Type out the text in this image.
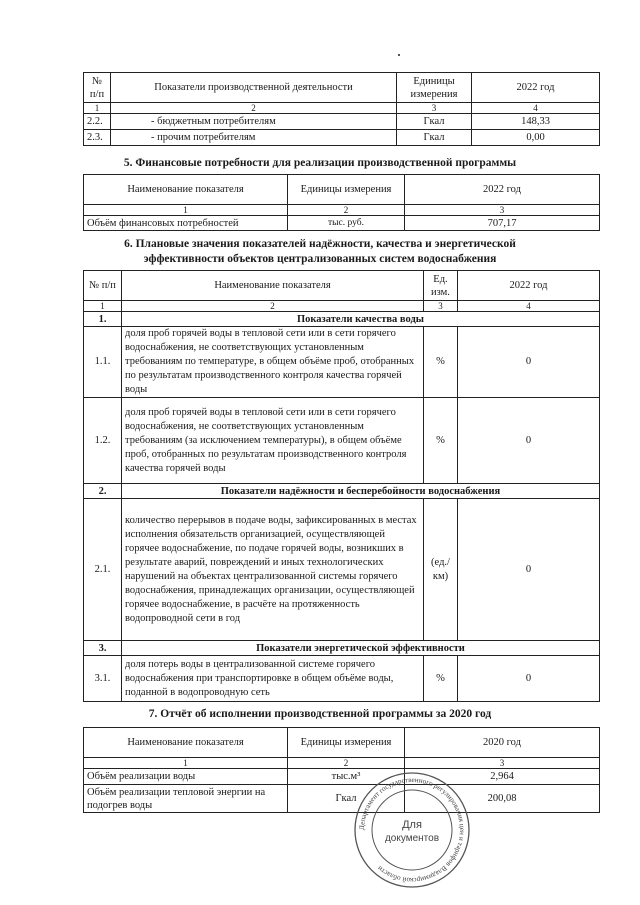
№ п/п	Показатели производственной деятельности	Единицы измерения	2022 год
1	2	3	4
2.2.	- бюджетным потребителям	Гкал	148,33
2.3.	- прочим потребителям	Гкал	0,00
5. Финансовые потребности для реализации производственной программы
Наименование показателя	Единицы измерения	2022 год
1	2	3
Объём финансовых потребностей	тыс. руб.	707,17
6. Плановые значения показателей надёжности, качества и энергетической
эффективности объектов централизованных систем водоснабжения
№ п/п	Наименование показателя	Ед. изм.	2022 год
1	2	3	4
1.	Показатели качества воды		
1.1.	доля проб горячей воды в тепловой сети или в сети горячего водоснабжения, не соответствующих установленным требованиям по температуре, в общем объёме проб, отобранных по результатам производственного контроля качества горячей воды	%	0
1.2.	доля проб горячей воды в тепловой сети или в сети горячего водоснабжения, не соответствующих установленным требованиям (за исключением температуры), в общем объёме проб, отобранных по результатам производственного контроля качества горячей воды	%	0
2.	Показатели надёжности и бесперебойности водоснабжения		
2.1.	количество перерывов в подаче воды, зафиксированных в местах исполнения обязательств организацией, осуществляющей горячее водоснабжение, по подаче горячей воды, возникших в результате аварий, повреждений и иных технологических нарушений на объектах централизованной системы горячего водоснабжения, принадлежащих организации, осуществляющей горячее водоснабжение, в расчёте на протяженность водопроводной сети в год	(ед./км)	0
3.	Показатели энергетической эффективности		
3.1.	доля потерь воды в централизованной системе горячего водоснабжения при транспортировке в общем объёме воды, поданной в водопроводную сеть	%	0
7. Отчёт об исполнении производственной программы за 2020 год
Наименование показателя	Единицы измерения	2020 год
1	2	3
Объём реализации воды	тыс.м³	2,964
Объём реализации тепловой энергии на подогрев воды	Гкал	200,08
Департамент государственного регулирования цен и тарифов Владимирской области
Для
документов
